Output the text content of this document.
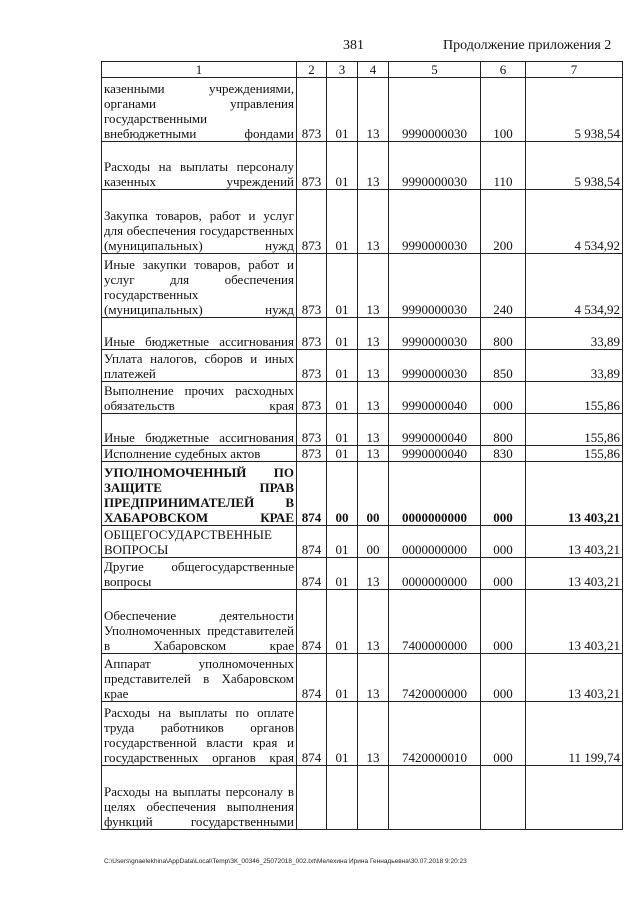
381	Продолжение приложения 2
1	2	3	4	5	6	7
казенными учреждениями, органами управления государственными внебюджетными фондами	873	01	13	9990000030	100	5 938,54
Расходы на выплаты персоналу казенных учреждений	873	01	13	9990000030	110	5 938,54
Закупка товаров, работ и услуг для обеспечения государственных (муниципальных) нужд	873	01	13	9990000030	200	4 534,92
Иные закупки товаров, работ и услуг для обеспечения государственных (муниципальных) нужд	873	01	13	9990000030	240	4 534,92
Иные бюджетные ассигнования	873	01	13	9990000030	800	33,89
Уплата налогов, сборов и иных платежей	873	01	13	9990000030	850	33,89
Выполнение прочих расходных обязательств края	873	01	13	9990000040	000	155,86
Иные бюджетные ассигнования	873	01	13	9990000040	800	155,86
Исполнение судебных актов	873	01	13	9990000040	830	155,86
УПОЛНОМОЧЕННЫЙ ПО ЗАЩИТЕ ПРАВ ПРЕДПРИНИМАТЕЛЕЙ В ХАБАРОВСКОМ КРАЕ	874	00	00	0000000000	000	13 403,21
ОБЩЕГОСУДАРСТВЕННЫЕ ВОПРОСЫ	874	01	00	0000000000	000	13 403,21
Другие общегосударственные вопросы	874	01	13	0000000000	000	13 403,21
Обеспечение деятельности Уполномоченных представителей в Хабаровском крае	874	01	13	7400000000	000	13 403,21
Аппарат уполномоченных представителей в Хабаровском крае	874	01	13	7420000000	000	13 403,21
Расходы на выплаты по оплате труда работников органов государственной власти края и государственных органов края	874	01	13	7420000010	000	11 199,74
Расходы на выплаты персоналу в целях обеспечения выполнения функций государственными						
C:\Users\gnaelekhina\AppData\Local\Temp\ЗК_00346_25072018_002.txt\Мелехина Ирина Геннадьевна\30.07.2018 9:20:23
